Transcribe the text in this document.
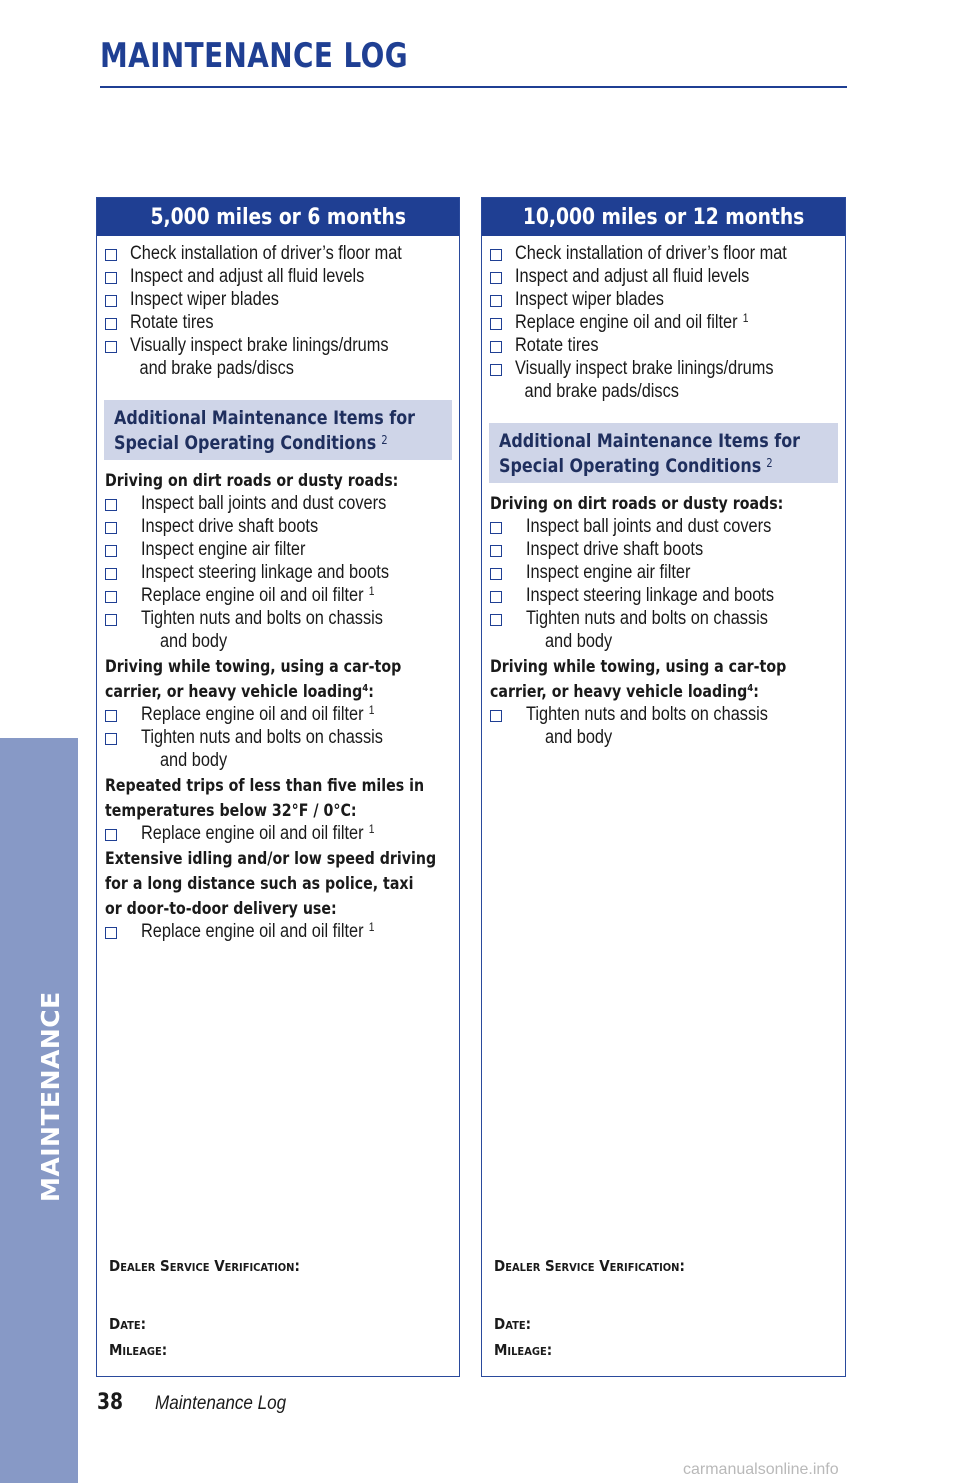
MAINTENANCE LOG
MAINTENANCE
5,000 miles or 6 months
Check installation of driver’s floor mat
Inspect and adjust all fluid levels
Inspect wiper blades
Rotate tires
Visually inspect brake linings/drums
and brake pads/discs
Additional Maintenance Items for
Special Operating Conditions $^2$
Driving on dirt roads or dusty roads:
Inspect ball joints and dust covers
Inspect drive shaft boots
Inspect engine air filter
Inspect steering linkage and boots
Replace engine oil and oil filter $^1$
Tighten nuts and bolts on chassis
and body
Driving while towing, using a car-top
carrier, or heavy vehicle loading$^4$:
Replace engine oil and oil filter $^1$
Tighten nuts and bolts on chassis
and body
Repeated trips of less than five miles in
temperatures below 32°F / 0°C:
Replace engine oil and oil filter $^1$
Extensive idling and/or low speed driving
for a long distance such as police, taxi
or door-to-door delivery use:
Replace engine oil and oil filter $^1$
Dealer Service Verification:
Date:
Mileage:
10,000 miles or 12 months
Check installation of driver’s floor mat
Inspect and adjust all fluid levels
Inspect wiper blades
Replace engine oil and oil filter $^1$
Rotate tires
Visually inspect brake linings/drums
and brake pads/discs
Additional Maintenance Items for
Special Operating Conditions $^2$
Driving on dirt roads or dusty roads:
Inspect ball joints and dust covers
Inspect drive shaft boots
Inspect engine air filter
Inspect steering linkage and boots
Tighten nuts and bolts on chassis
and body
Driving while towing, using a car-top
carrier, or heavy vehicle loading$^4$:
Tighten nuts and bolts on chassis
and body
Dealer Service Verification:
Date:
Mileage:
38 Maintenance Log
carmanualsonline.info
